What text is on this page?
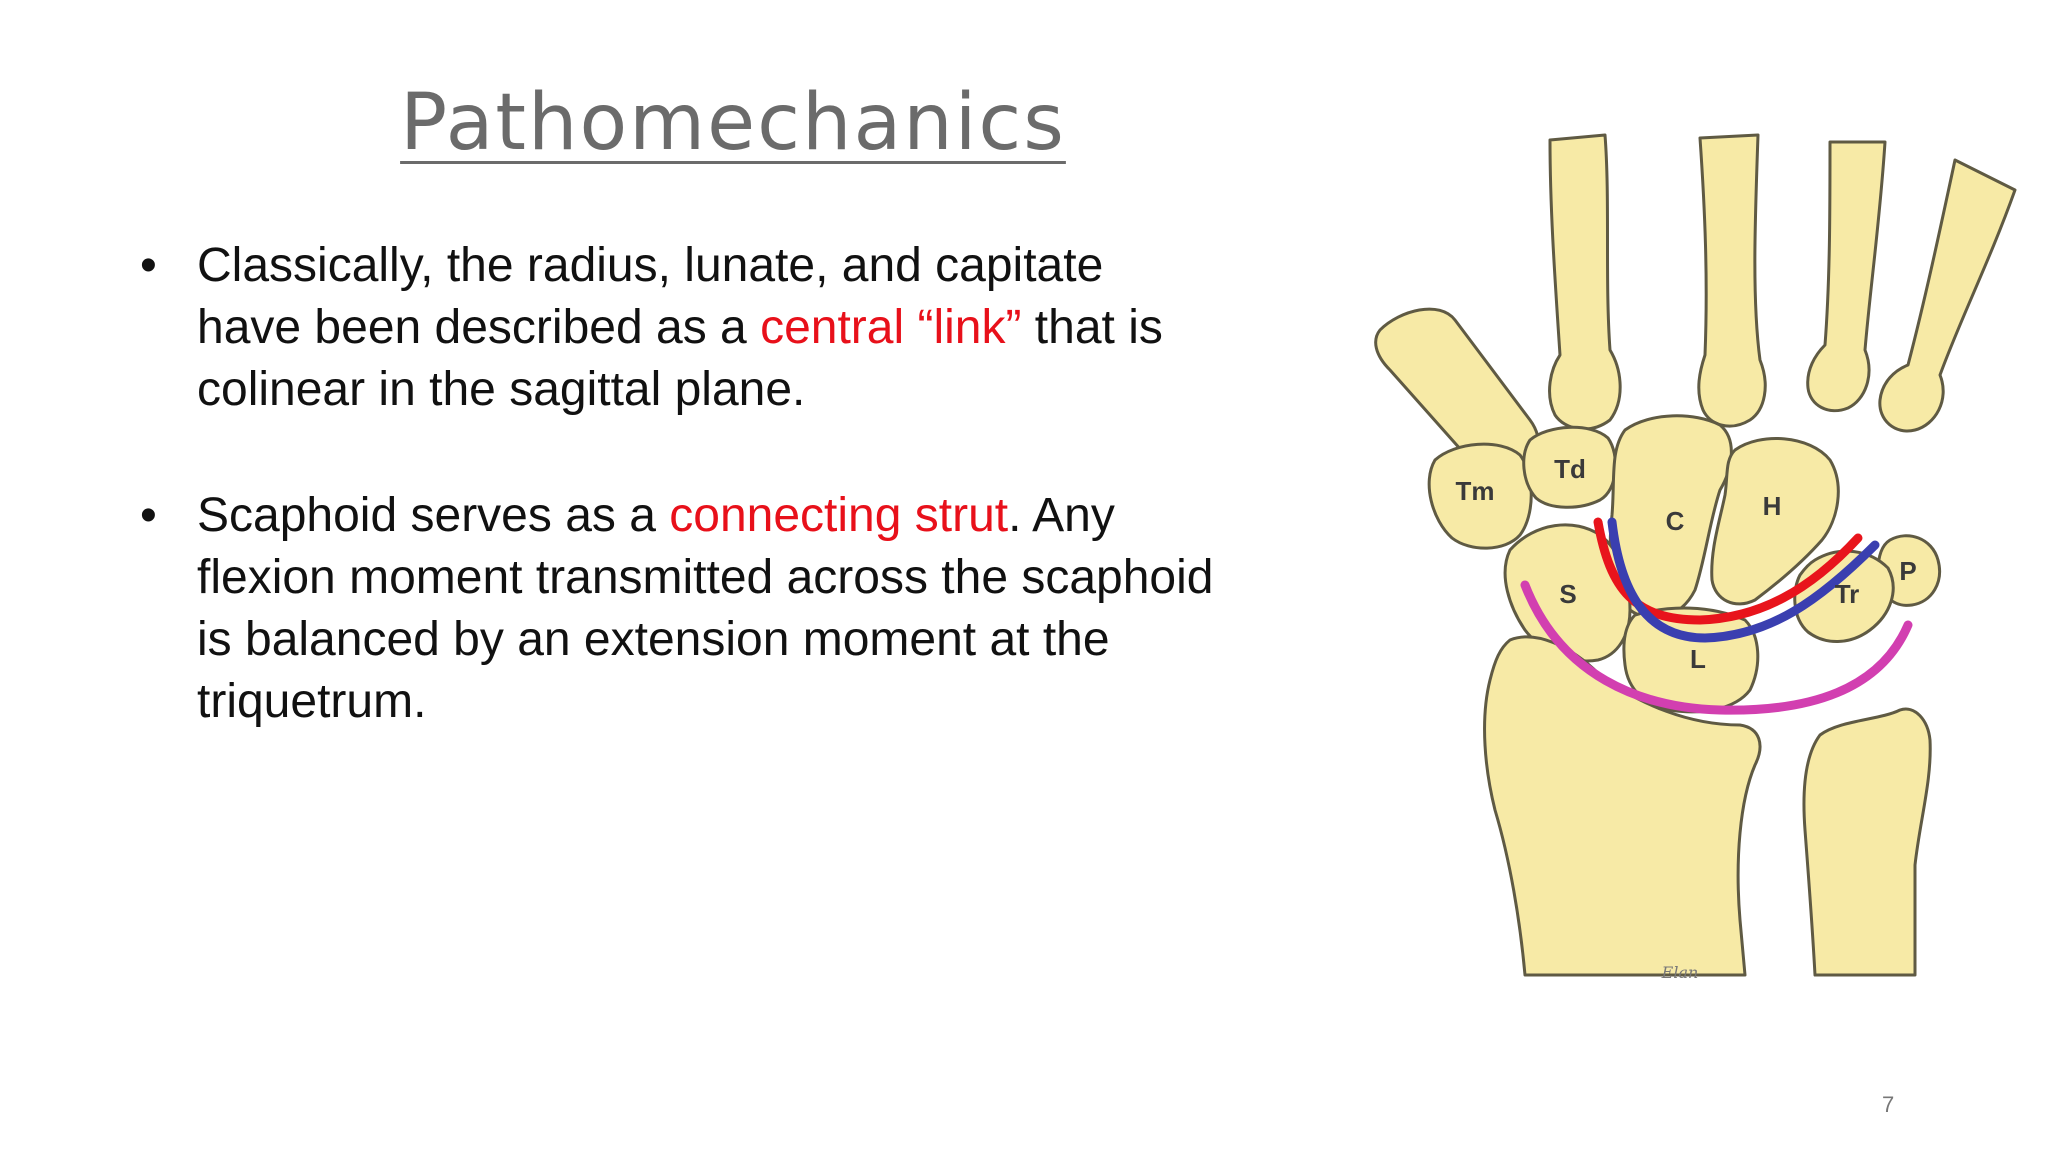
Pathomechanics
• Classically, the radius, lunate, and capitate have been described as a central “link” that is colinear in the sagittal plane.
• Scaphoid serves as a connecting strut. Any flexion moment transmitted across the scaphoid is balanced by an extension moment at the triquetrum.
Tm
Td
C	H
P
Tr
S
L
Elan
7
